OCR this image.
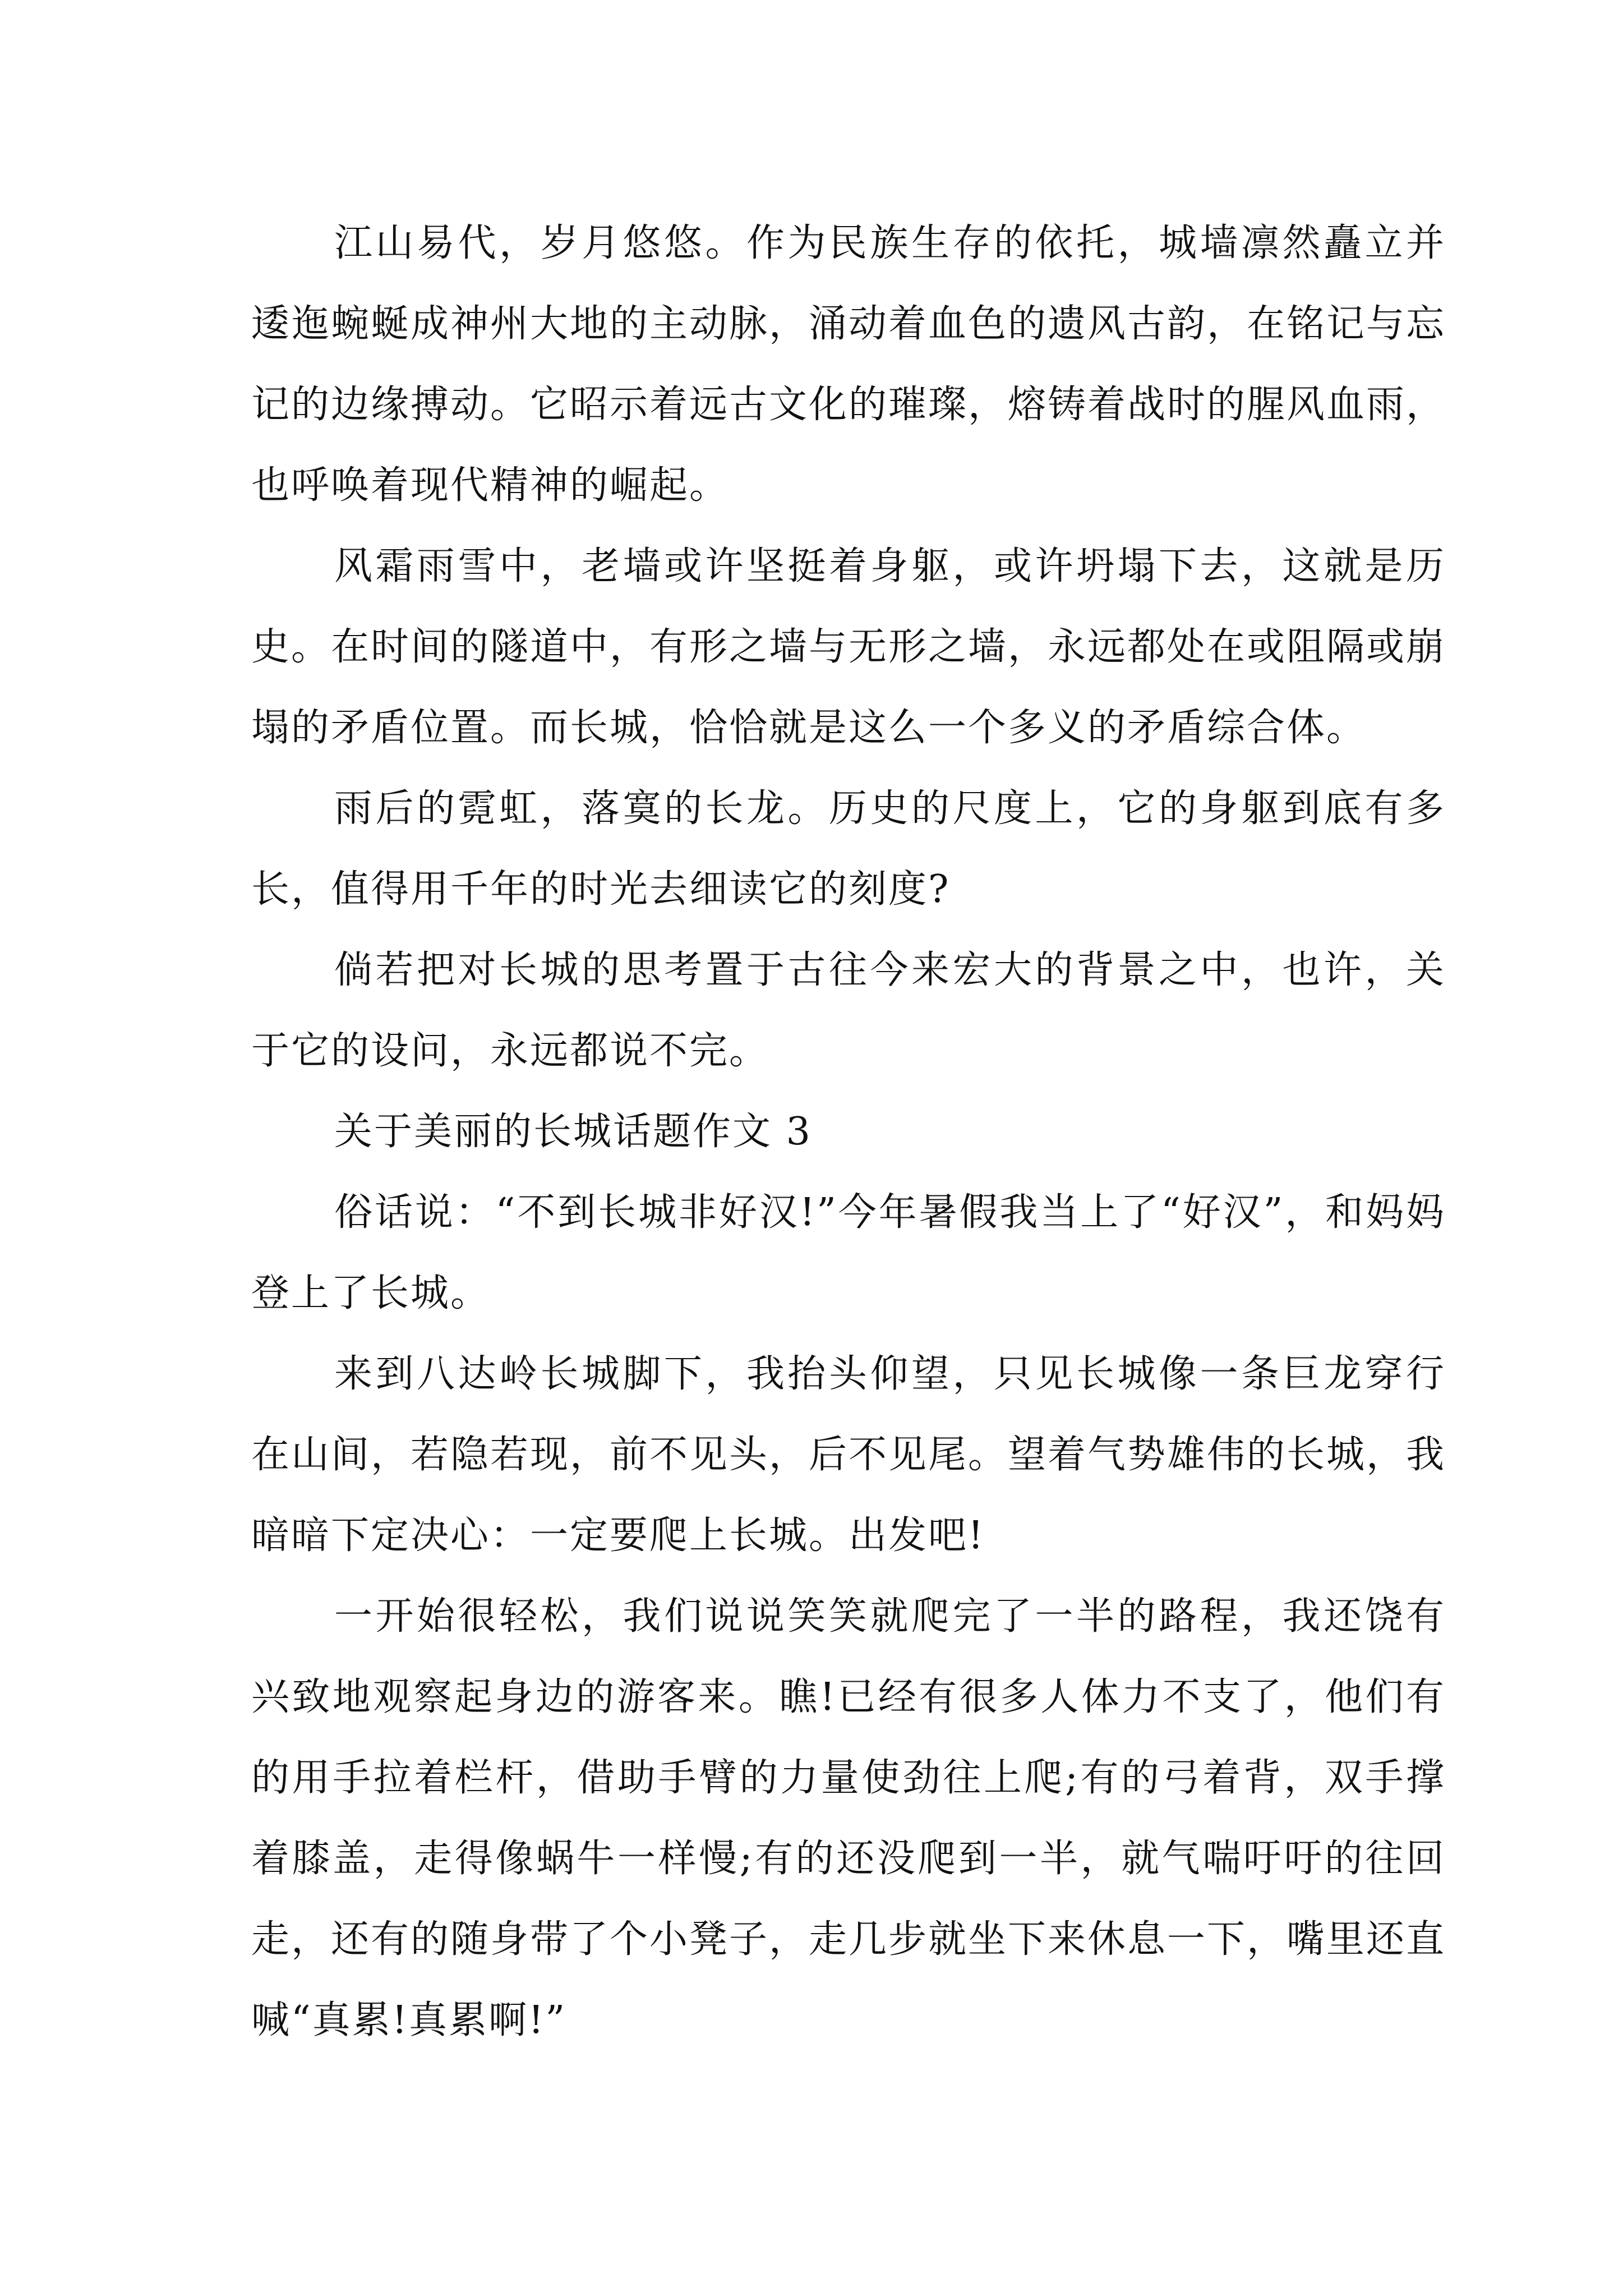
江山易代，岁月悠悠。作为民族生存的依托，城墙凛然矗立并逶迤蜿蜒成神州大地的主动脉，涌动着血色的遗风古韵，在铭记与忘记的边缘搏动。它昭示着远古文化的璀璨，熔铸着战时的腥风血雨，也呼唤着现代精神的崛起。

风霜雨雪中，老墙或许坚挺着身躯，或许坍塌下去，这就是历史。在时间的隧道中，有形之墙与无形之墙，永远都处在或阻隔或崩塌的矛盾位置。而长城，恰恰就是这么一个多义的矛盾综合体。

雨后的霓虹，落寞的长龙。历史的尺度上，它的身躯到底有多长，值得用千年的时光去细读它的刻度?

倘若把对长城的思考置于古往今来宏大的背景之中，也许，关于它的设问，永远都说不完。

关于美丽的长城话题作文 3

俗话说：“不到长城非好汉!”今年暑假我当上了“好汉”，和妈妈登上了长城。

来到八达岭长城脚下，我抬头仰望，只见长城像一条巨龙穿行在山间，若隐若现，前不见头，后不见尾。望着气势雄伟的长城，我暗暗下定决心：一定要爬上长城。出发吧!

一开始很轻松，我们说说笑笑就爬完了一半的路程，我还饶有兴致地观察起身边的游客来。瞧!已经有很多人体力不支了，他们有的用手拉着栏杆，借助手臂的力量使劲往上爬;有的弓着背，双手撑着膝盖，走得像蜗牛一样慢;有的还没爬到一半，就气喘吁吁的往回走，还有的随身带了个小凳子，走几步就坐下来休息一下，嘴里还直喊“真累!真累啊!”
